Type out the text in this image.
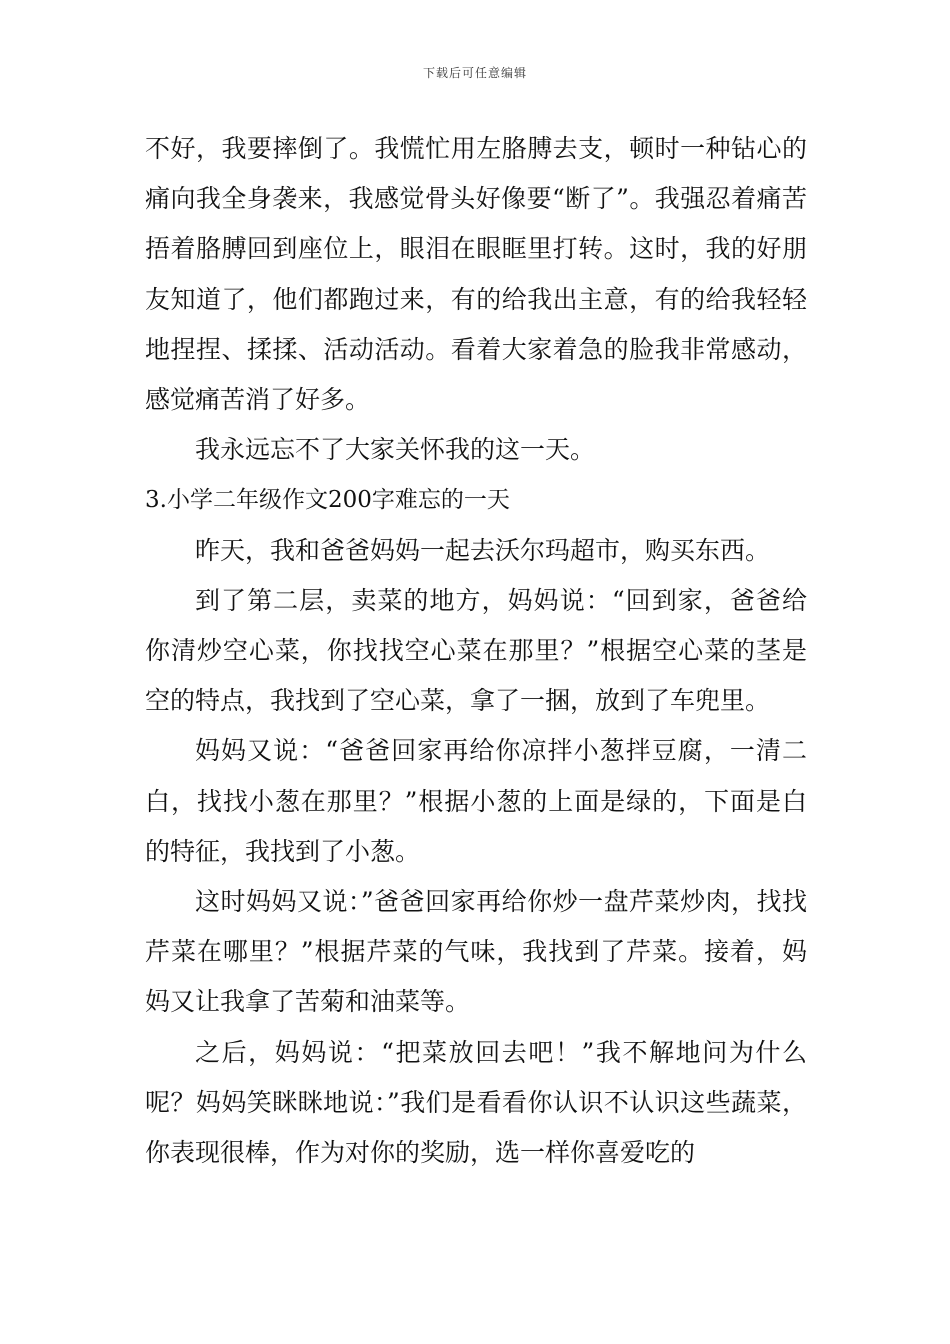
下载后可任意编辑

不好，我要摔倒了。我慌忙用左胳膊去支，顿时一种钻心的痛向我全身袭来，我感觉骨头好像要“断了”。我强忍着痛苦捂着胳膊回到座位上，眼泪在眼眶里打转。这时，我的好朋友知道了，他们都跑过来，有的给我出主意，有的给我轻轻地捏捏、揉揉、活动活动。看着大家着急的脸我非常感动，感觉痛苦消了好多。

我永远忘不了大家关怀我的这一天。

3.小学二年级作文200字难忘的一天

昨天，我和爸爸妈妈一起去沃尔玛超市，购买东西。

到了第二层，卖菜的地方，妈妈说：“回到家，爸爸给你清炒空心菜，你找找空心菜在那里？”根据空心菜的茎是空的特点，我找到了空心菜，拿了一捆，放到了车兜里。

妈妈又说：“爸爸回家再给你凉拌小葱拌豆腐，一清二白，找找小葱在那里？”根据小葱的上面是绿的，下面是白的特征，我找到了小葱。

这时妈妈又说：”爸爸回家再给你炒一盘芹菜炒肉，找找芹菜在哪里？”根据芹菜的气味，我找到了芹菜。接着，妈妈又让我拿了苦菊和油菜等。

之后，妈妈说：“把菜放回去吧！”我不解地问为什么呢？妈妈笑眯眯地说：”我们是看看你认识不认识这些蔬菜，你表现很棒，作为对你的奖励，选一样你喜爱吃的
